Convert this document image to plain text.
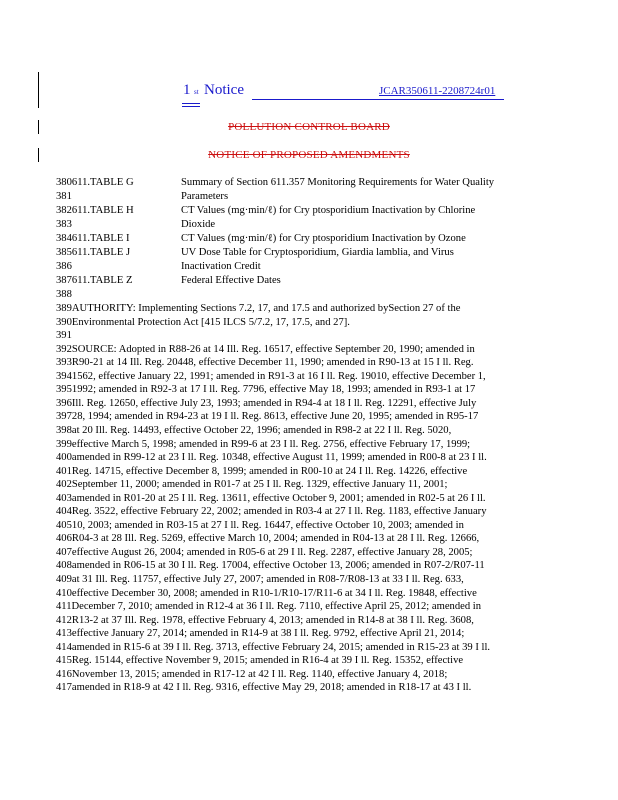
1 st Notice	JCAR350611-2208724r01
POLLUTION CONTROL BOARD
NOTICE OF PROPOSED AMENDMENTS
380611.TABLE G	Summary of Section 611.357 Monitoring Requirements for Water Quality
381	Parameters
382611.TABLE H	CT Values (mg·min/ℓ) for Cry ptosporidium Inactivation by Chlorine
383	Dioxide
384611.TABLE I	CT Values (mg·min/ℓ) for Cry ptosporidium Inactivation by Ozone
385611.TABLE J	UV Dose Table for Cryptosporidium, Giardia lamblia, and Virus
386	Inactivation Credit
387611.TABLE Z	Federal Effective Dates
388
389AUTHORITY: Implementing Sections 7.2, 17, and 17.5 and authorized bySection 27 of the
390Environmental Protection Act [415 ILCS 5/7.2, 17, 17.5, and 27].
391
392SOURCE: Adopted in R88-26 at 14 Ill. Reg. 16517, effective September 20, 1990; amended in
393R90-21 at 14 Ill. Reg. 20448, effective December 11, 1990; amended in R90-13 at 15 I ll. Reg.
3941562, effective January 22, 1991; amended in R91-3 at 16 I ll. Reg. 19010, effective December 1,
3951992; amended in R92-3 at 17 I ll. Reg. 7796, effective May 18, 1993; amended in R93-1 at 17
396Ill. Reg. 12650, effective July 23, 1993; amended in R94-4 at 18 I ll. Reg. 12291, effective July
39728, 1994; amended in R94-23 at 19 I ll. Reg. 8613, effective June 20, 1995; amended in R95-17
398at 20 Ill. Reg. 14493, effective October 22, 1996; amended in R98-2 at 22 I ll. Reg. 5020,
399effective March 5, 1998; amended in R99-6 at 23 I ll. Reg. 2756, effective February 17, 1999;
400amended in R99-12 at 23 I ll. Reg. 10348, effective August 11, 1999; amended in R00-8 at 23 I ll.
401Reg. 14715, effective December 8, 1999; amended in R00-10 at 24 I ll. Reg. 14226, effective
402September 11, 2000; amended in R01-7 at 25 I ll. Reg. 1329, effective January 11, 2001;
403amended in R01-20 at 25 I ll. Reg. 13611, effective October 9, 2001; amended in R02-5 at 26 I ll.
404Reg. 3522, effective February 22, 2002; amended in R03-4 at 27 I ll. Reg. 1183, effective January
40510, 2003; amended in R03-15 at 27 I ll. Reg. 16447, effective October 10, 2003; amended in
406R04-3 at 28 Ill. Reg. 5269, effective March 10, 2004; amended in R04-13 at 28 I ll. Reg. 12666,
407effective August 26, 2004; amended in R05-6 at 29 I ll. Reg. 2287, effective January 28, 2005;
408amended in R06-15 at 30 I ll. Reg. 17004, effective October 13, 2006; amended in R07-2/R07-11
409at 31 Ill. Reg. 11757, effective July 27, 2007; amended in R08-7/R08-13 at 33 I ll. Reg. 633,
410effective December 30, 2008; amended in R10-1/R10-17/R11-6 at 34 I ll. Reg. 19848, effective
411December 7, 2010; amended in R12-4 at 36 I ll. Reg. 7110, effective April 25, 2012; amended in
412R13-2 at 37 Ill. Reg. 1978, effective February 4, 2013; amended in R14-8 at 38 I ll. Reg. 3608,
413effective January 27, 2014; amended in R14-9 at 38 I ll. Reg. 9792, effective April 21, 2014;
414amended in R15-6 at 39 I ll. Reg. 3713, effective February 24, 2015; amended in R15-23 at 39 I ll.
415Reg. 15144, effective November 9, 2015; amended in R16-4 at 39 I ll. Reg. 15352, effective
416November 13, 2015; amended in R17-12 at 42 I ll. Reg. 1140, effective January 4, 2018;
417amended in R18-9 at 42 I ll. Reg. 9316, effective May 29, 2018; amended in R18-17 at 43 I ll.
